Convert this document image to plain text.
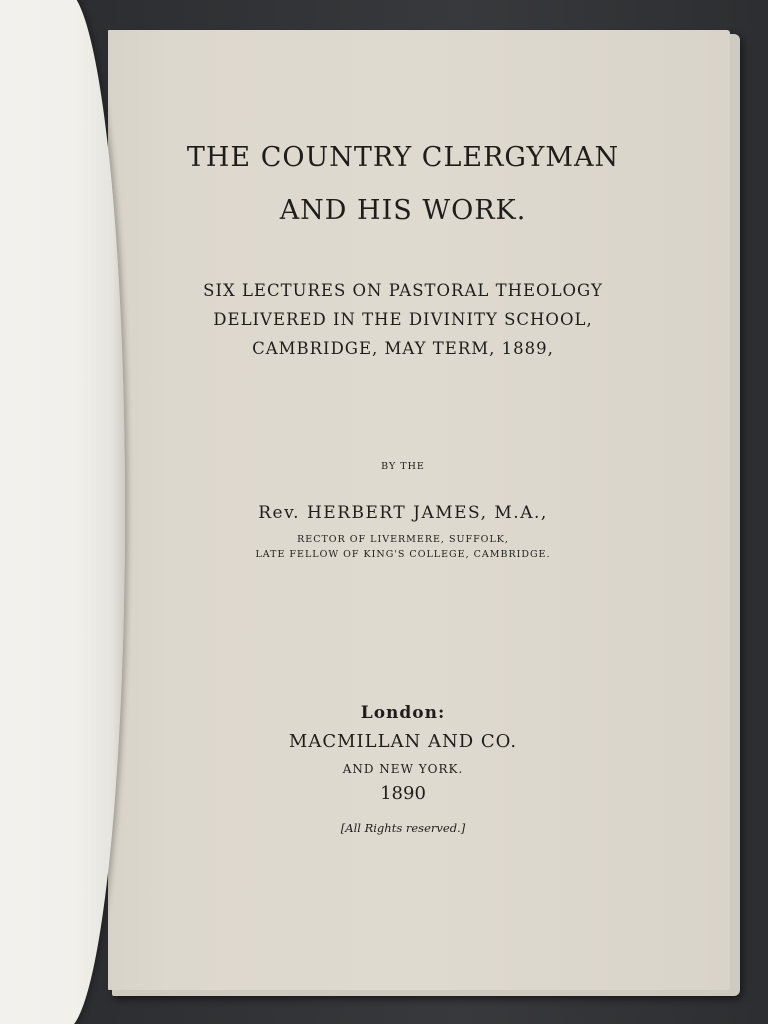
THE COUNTRY CLERGYMAN
AND HIS WORK.
SIX LECTURES ON PASTORAL THEOLOGY
DELIVERED IN THE DIVINITY SCHOOL,
CAMBRIDGE, MAY TERM, 1889,
BY THE
Rev. HERBERT JAMES, M.A.,
RECTOR OF LIVERMERE, SUFFOLK,
LATE FELLOW OF KING'S COLLEGE, CAMBRIDGE.
London:
MACMILLAN AND CO.
AND NEW YORK.
1890
[All Rights reserved.]
